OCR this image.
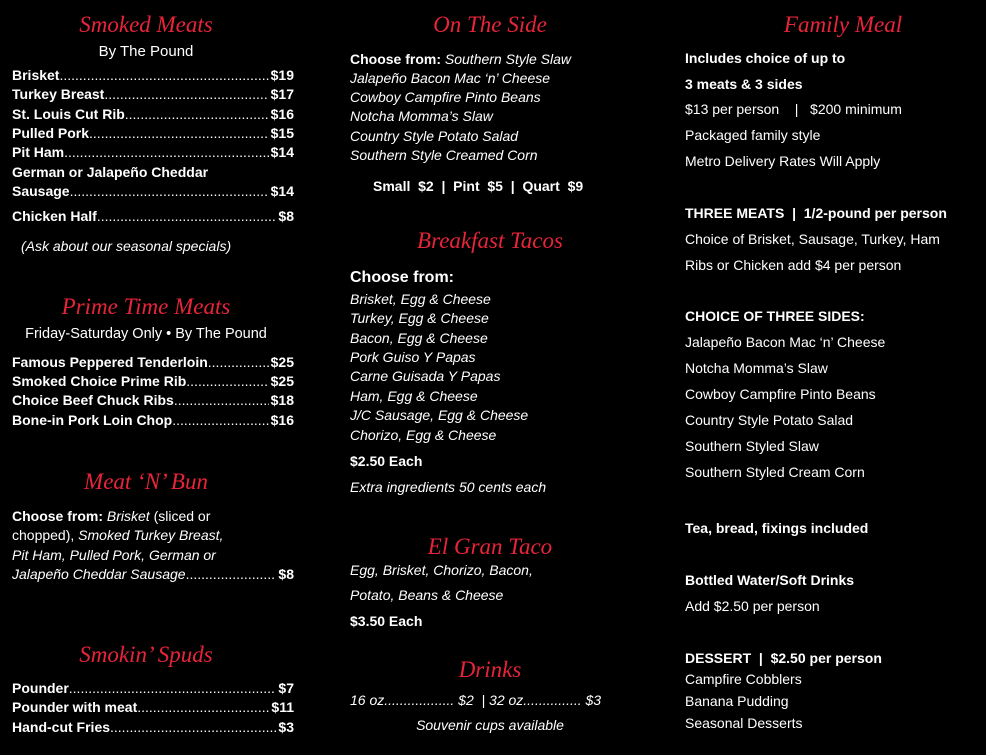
Smoked Meats
By The Pound
Brisket .....	$19
Turkey Breast .....	$17
St. Louis Cut Rib .....	$16
Pulled Pork .....	$15
Pit Ham .....	$14
German or Jalapeño Cheddar
Sausage .....	$14
Chicken Half .....	$8
(Ask about our seasonal specials)
Prime Time Meats
Friday-Saturday Only • By The Pound
Famous Peppered Tenderloin .....	$25
Smoked Choice Prime Rib .....	$25
Choice Beef Chuck Ribs .....	$18
Bone-in Pork Loin Chop .....	$16
Meat ‘N’ Bun
Choose from: Brisket (sliced or
chopped), Smoked Turkey Breast,
Pit Ham, Pulled Pork, German or
Jalapeño Cheddar Sausage .....	$8
Smokin’ Spuds
Pounder .....	$7
Pounder with meat .....	$11
Hand-cut Fries .....	$3
On The Side
Choose from: Southern Style Slaw
Jalapeño Bacon Mac ‘n’ Cheese
Cowboy Campfire Pinto Beans
Notcha Momma’s Slaw
Country Style Potato Salad
Southern Style Creamed Corn
Small  $2  |  Pint  $5  |  Quart  $9
Breakfast Tacos
Choose from:
Brisket, Egg & Cheese
Turkey, Egg & Cheese
Bacon, Egg & Cheese
Pork Guiso Y Papas
Carne Guisada Y Papas
Ham, Egg & Cheese
J/C Sausage, Egg & Cheese
Chorizo, Egg & Cheese
$2.50 Each
Extra ingredients 50 cents each
El Gran Taco
Egg, Brisket, Chorizo, Bacon,
Potato, Beans & Cheese
$3.50 Each
Drinks
16 oz.................. $2  | 32 oz............... $3
Souvenir cups available
Family Meal
Includes choice of up to
3 meats & 3 sides
$13 per person    |   $200 minimum
Packaged family style
Metro Delivery Rates Will Apply
THREE MEATS  |  1/2-pound per person
Choice of Brisket, Sausage, Turkey, Ham
Ribs or Chicken add $4 per person
CHOICE OF THREE SIDES:
Jalapeño Bacon Mac ‘n’ Cheese
Notcha Momma’s Slaw
Cowboy Campfire Pinto Beans
Country Style Potato Salad
Southern Styled Slaw
Southern Styled Cream Corn
Tea, bread, fixings included
Bottled Water/Soft Drinks
Add $2.50 per person
DESSERT  |  $2.50 per person
Campfire Cobblers
Banana Pudding
Seasonal Desserts
